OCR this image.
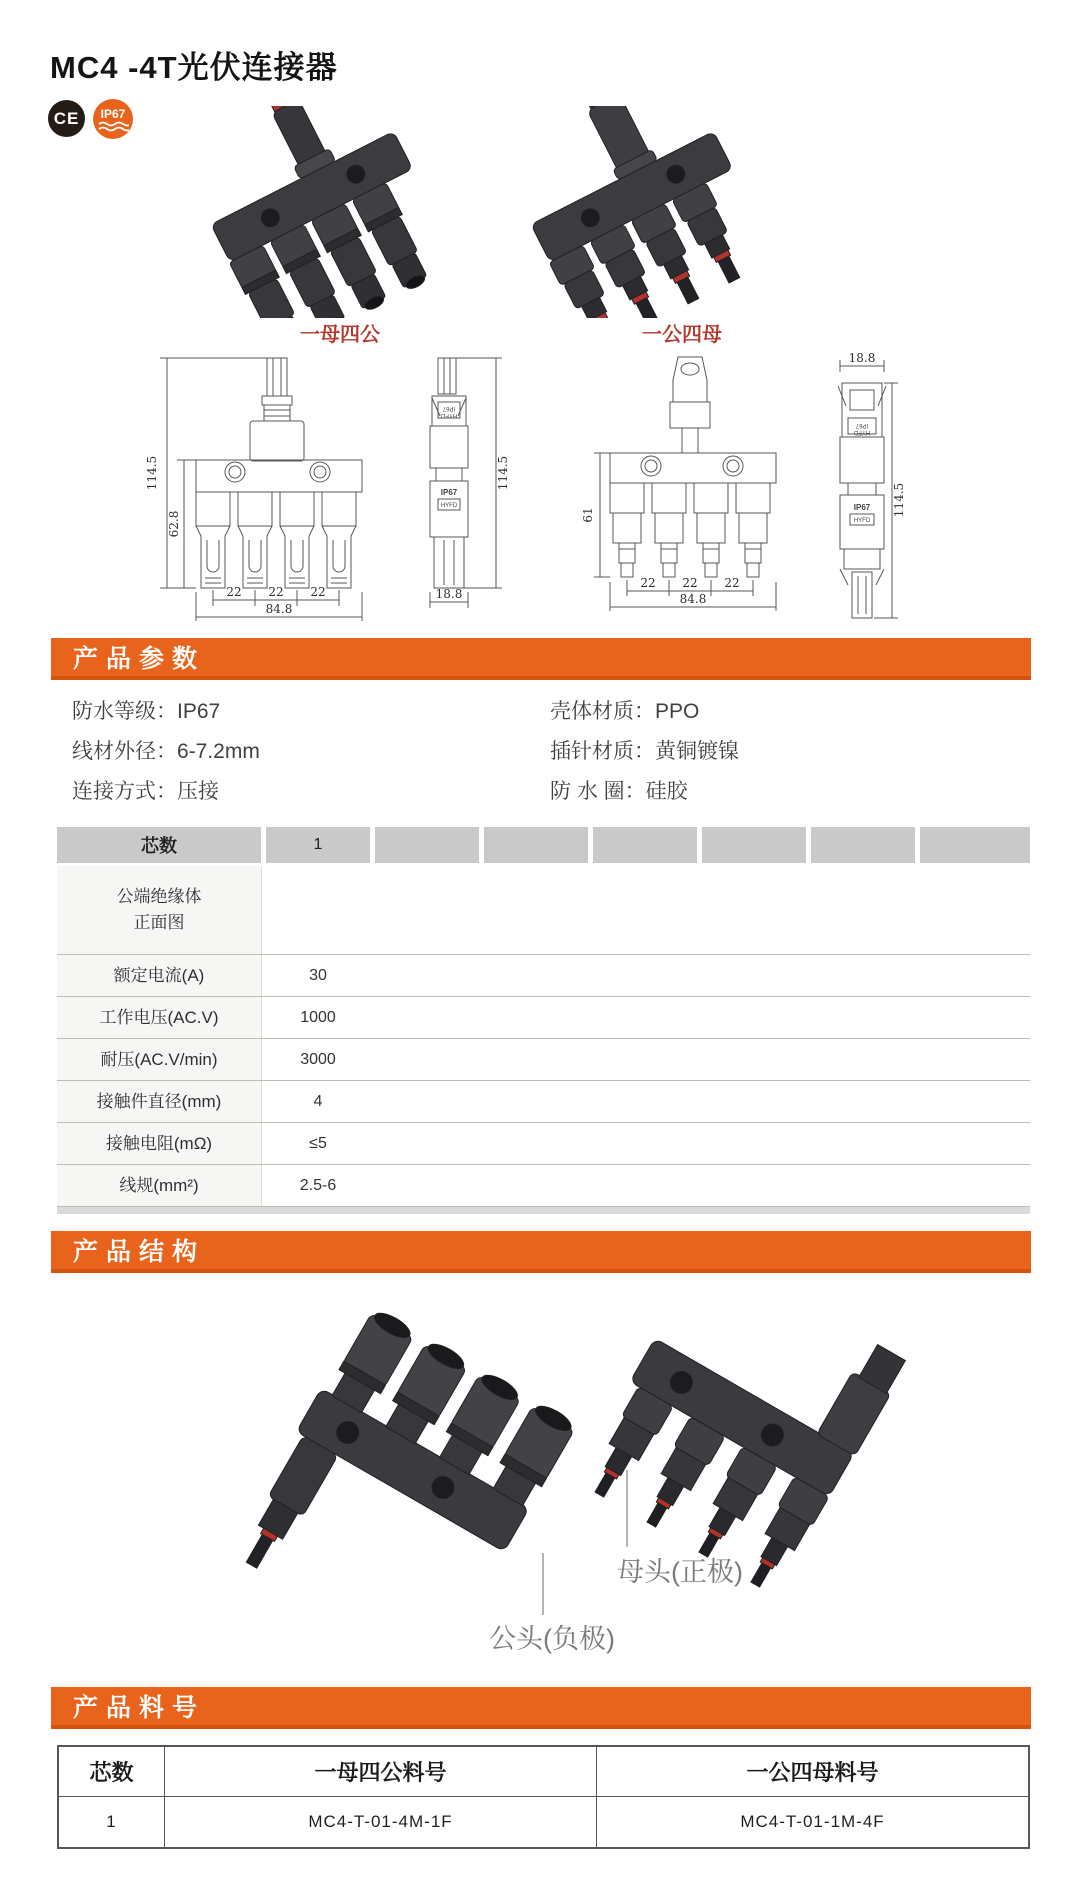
MC4 -4T光伏连接器
CE IP67
一母四公	一公四母
114.5
62.8
22 22 22
84.8
114.5
18.8
61
22 22 22
84.8
18.8
114.5
IP67
HYFD
IP67
HYFD
IP67
HYFD
IP67
HYFD
产品参数
防水等级：IP67
线材外径：6-7.2mm
连接方式：压接
壳体材质：PPO
插针材质：黄铜镀镍
防 水 圈：硅胶
芯数	1
公端绝缘体
正面图
额定电流(A)	30
工作电压(AC.V)	1000
耐压(AC.V/min)	3000
接触件直径(mm)	4
接触电阻(mΩ)	≤5
线规(mm²)	2.5-6
产品结构
母头(正极)
公头(负极)
产品料号
芯数	一母四公料号	一公四母料号
1	MC4-T-01-4M-1F	MC4-T-01-1M-4F
